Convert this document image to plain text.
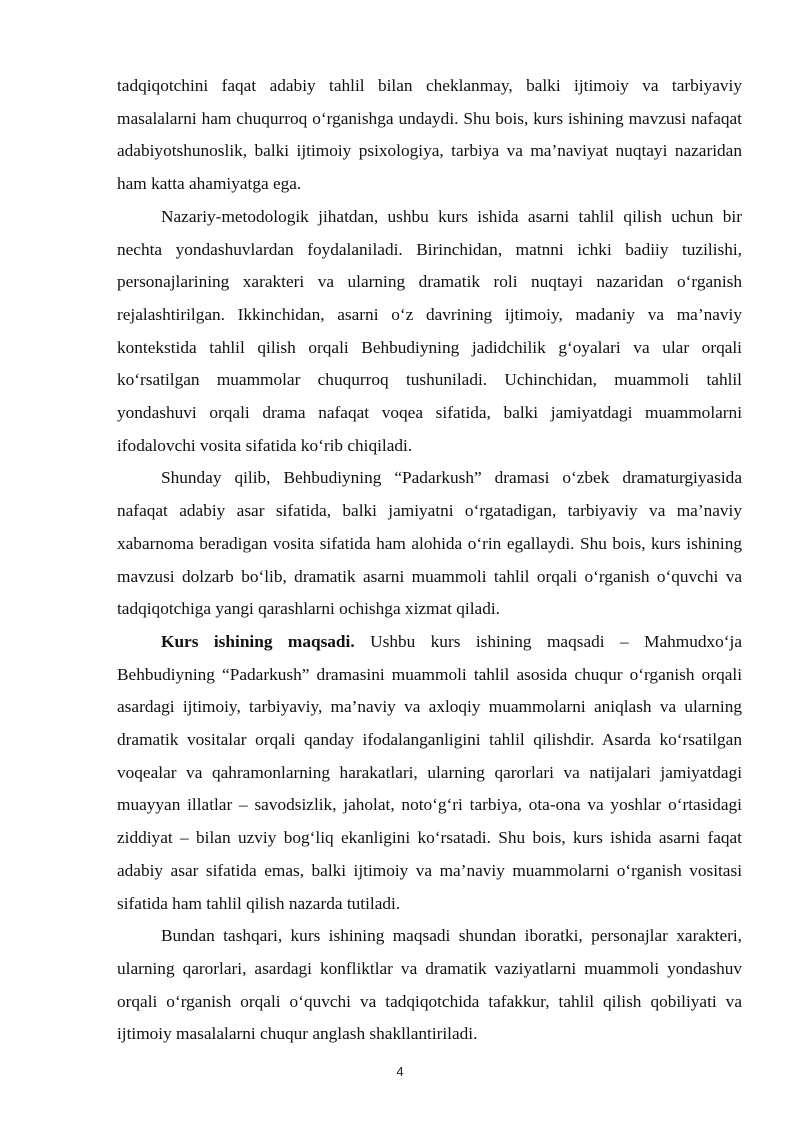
tadqiqotchini faqat adabiy tahlil bilan cheklanmay, balki ijtimoiy va tarbiyaviy masalalarni ham chuqurroq o‘rganishga undaydi. Shu bois, kurs ishining mavzusi nafaqat adabiyotshunoslik, balki ijtimoiy psixologiya, tarbiya va ma’naviyat nuqtayi nazaridan ham katta ahamiyatga ega.

Nazariy-metodologik jihatdan, ushbu kurs ishida asarni tahlil qilish uchun bir nechta yondashuvlardan foydalaniladi. Birinchidan, matnni ichki badiiy tuzilishi, personajlarining xarakteri va ularning dramatik roli nuqtayi nazaridan o‘rganish rejalashtirilgan. Ikkinchidan, asarni o‘z davrining ijtimoiy, madaniy va ma’naviy kontekstida tahlil qilish orqali Behbudiyning jadidchilik g‘oyalari va ular orqali ko‘rsatilgan muammolar chuqurroq tushuniladi. Uchinchidan, muammoli tahlil yondashuvi orqali drama nafaqat voqea sifatida, balki jamiyatdagi muammolarni ifodalovchi vosita sifatida ko‘rib chiqiladi.

Shunday qilib, Behbudiyning “Padarkush” dramasi o‘zbek dramaturgiyasida nafaqat adabiy asar sifatida, balki jamiyatni o‘rgatadigan, tarbiyaviy va ma’naviy xabarnoma beradigan vosita sifatida ham alohida o‘rin egallaydi. Shu bois, kurs ishining mavzusi dolzarb bo‘lib, dramatik asarni muammoli tahlil orqali o‘rganish o‘quvchi va tadqiqotchiga yangi qarashlarni ochishga xizmat qiladi.

Kurs ishining maqsadi. Ushbu kurs ishining maqsadi – Mahmudxo‘ja Behbudiyning “Padarkush” dramasini muammoli tahlil asosida chuqur o‘rganish orqali asardagi ijtimoiy, tarbiyaviy, ma’naviy va axloqiy muammolarni aniqlash va ularning dramatik vositalar orqali qanday ifodalanganligini tahlil qilishdir. Asarda ko‘rsatilgan voqealar va qahramonlarning harakatlari, ularning qarorlari va natijalari jamiyatdagi muayyan illatlar – savodsizlik, jaholat, noto‘g‘ri tarbiya, ota-ona va yoshlar o‘rtasidagi ziddiyat – bilan uzviy bog‘liq ekanligini ko‘rsatadi. Shu bois, kurs ishida asarni faqat adabiy asar sifatida emas, balki ijtimoiy va ma’naviy muammolarni o‘rganish vositasi sifatida ham tahlil qilish nazarda tutiladi.

Bundan tashqari, kurs ishining maqsadi shundan iboratki, personajlar xarakteri, ularning qarorlari, asardagi konfliktlar va dramatik vaziyatlarni muammoli yondashuv orqali o‘rganish orqali o‘quvchi va tadqiqotchida tafakkur, tahlil qilish qobiliyati va ijtimoiy masalalarni chuqur anglash shakllantiriladi.

4
